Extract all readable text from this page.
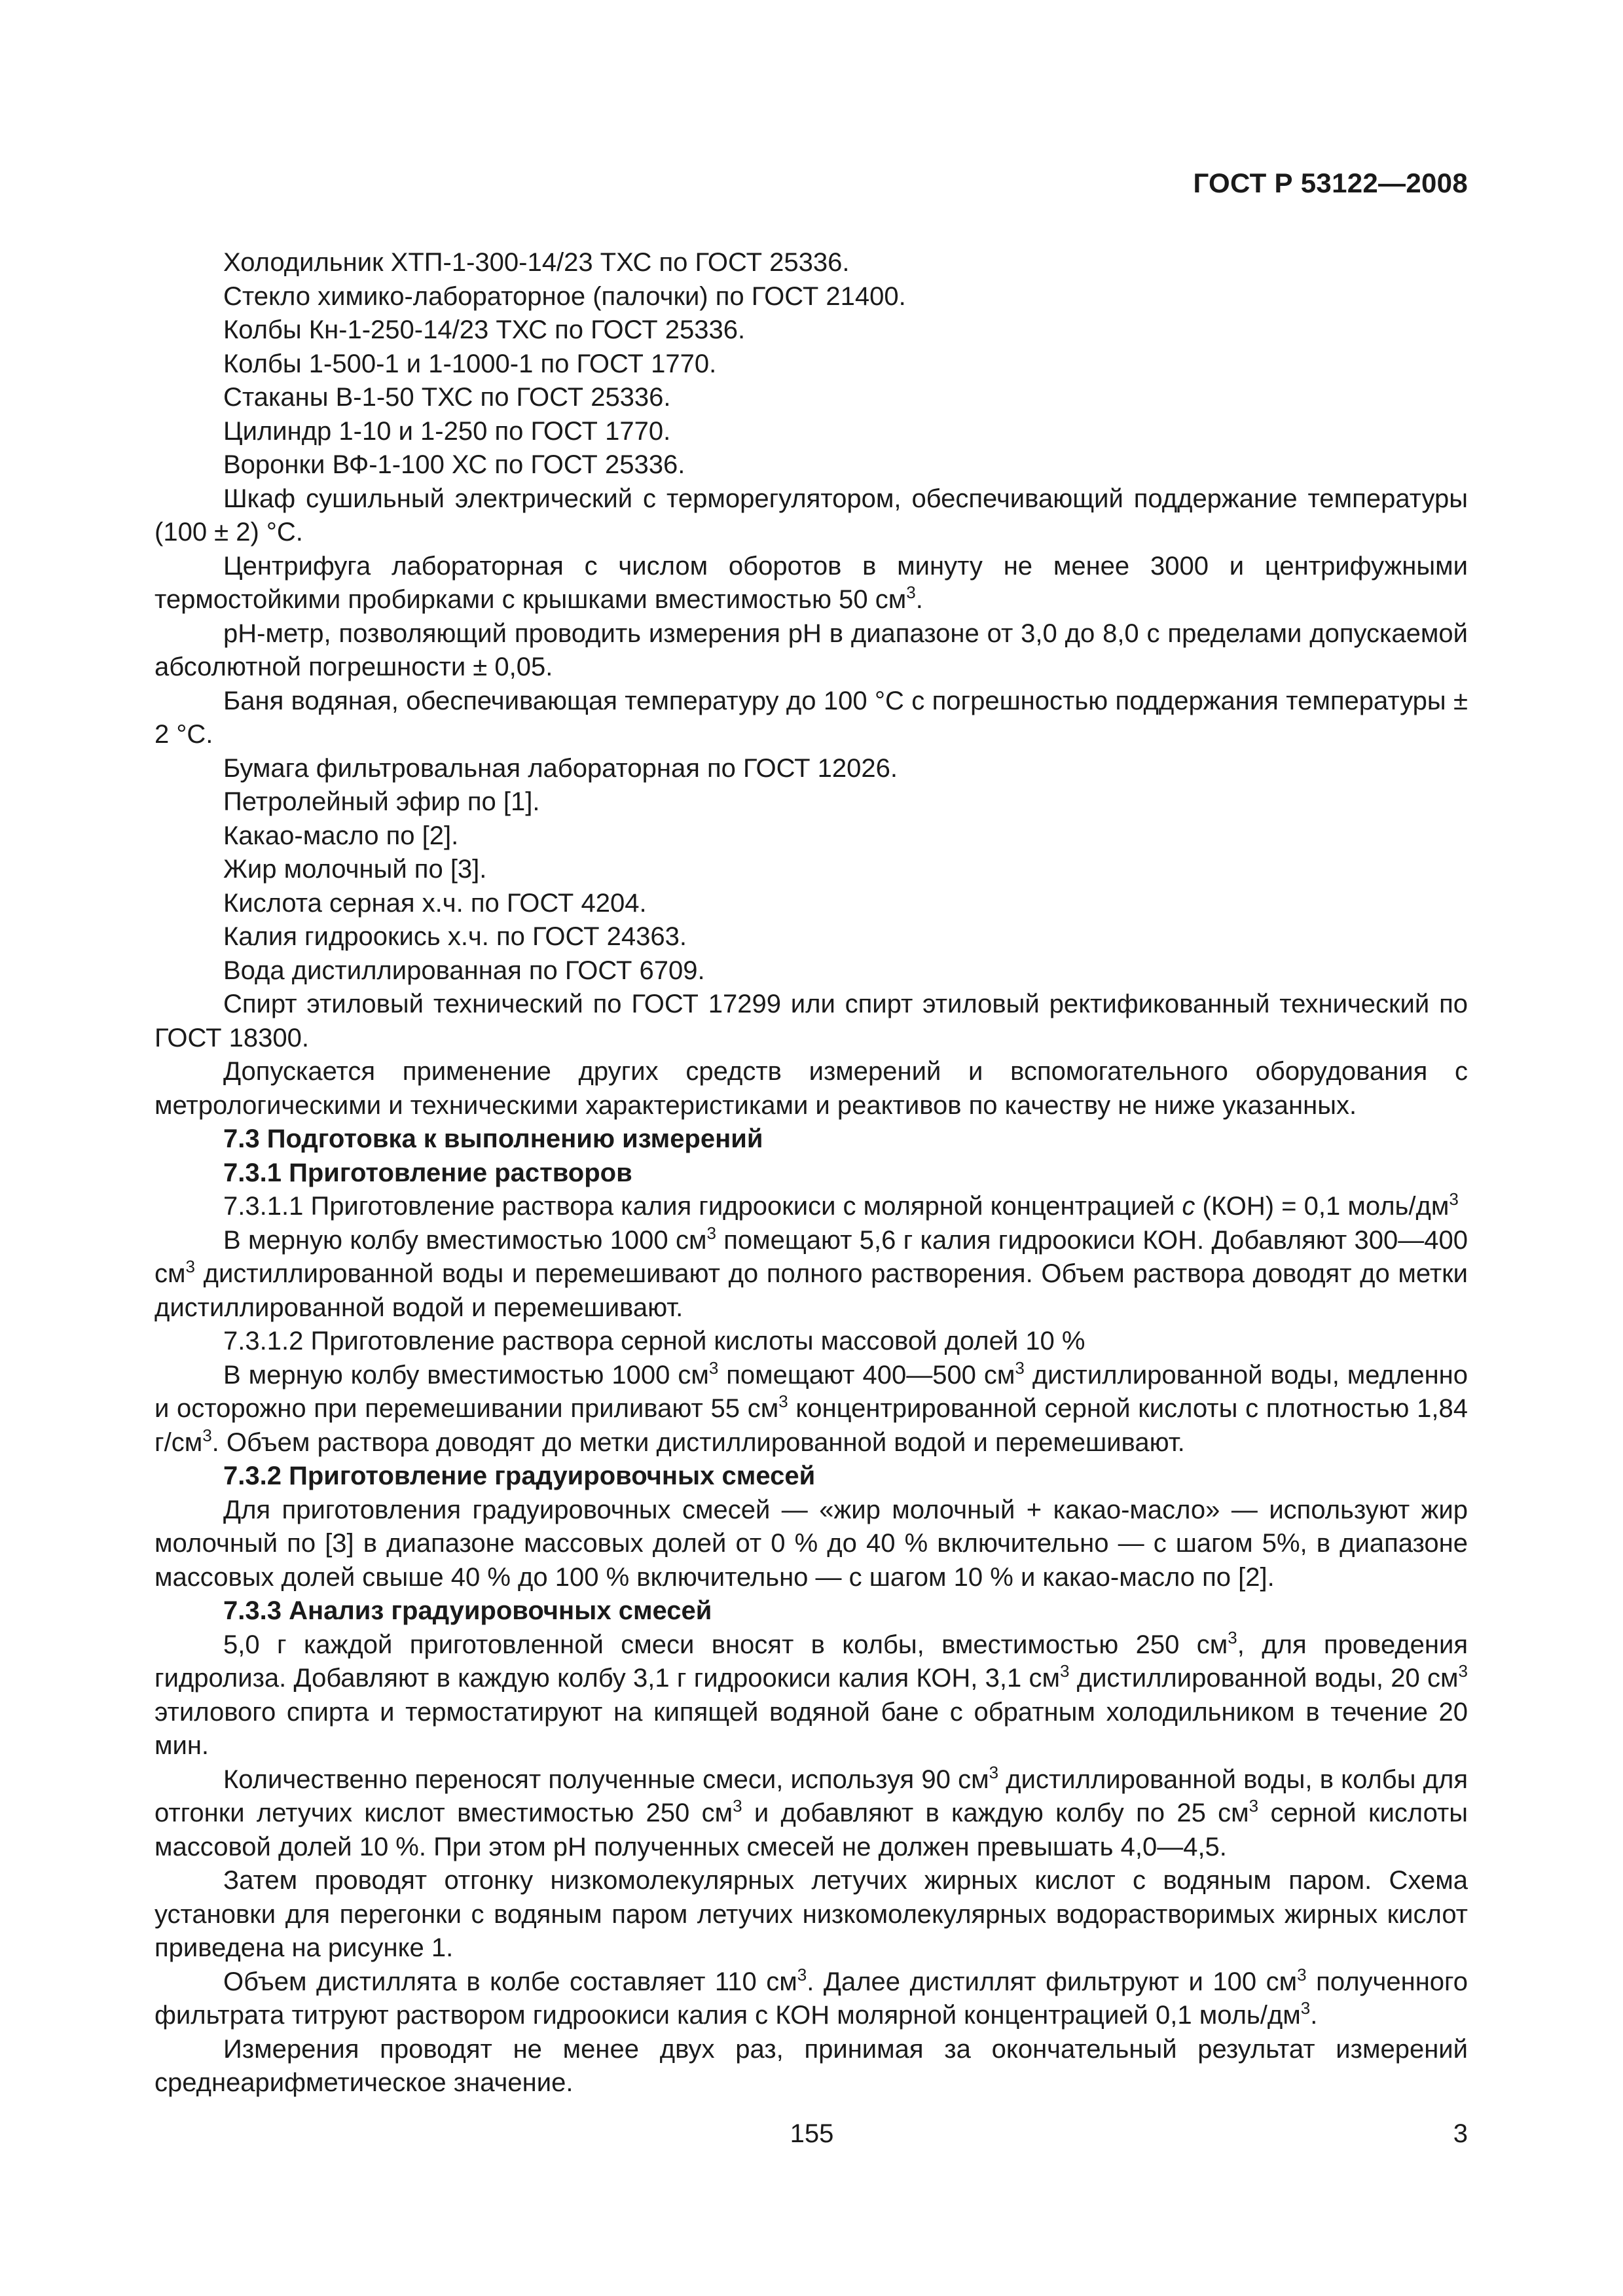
ГОСТ Р 53122—2008
Холодильник ХТП-1-300-14/23 ТХС по ГОСТ 25336.
Стекло химико-лабораторное (палочки) по ГОСТ 21400.
Колбы Кн-1-250-14/23 ТХС по ГОСТ 25336.
Колбы 1-500-1 и 1-1000-1 по ГОСТ 1770.
Стаканы В-1-50 ТХС по ГОСТ 25336.
Цилиндр 1-10 и 1-250 по ГОСТ 1770.
Воронки ВФ-1-100 ХС по ГОСТ 25336.

Шкаф сушильный электрический с терморегулятором, обеспечивающий поддержание температуры (100 ± 2) °С.

Центрифуга лабораторная с числом оборотов в минуту не менее 3000 и центрифужными термостойкими пробирками с крышками вместимостью 50 $см^3$.

рН-метр, позволяющий проводить измерения рН в диапазоне от 3,0 до 8,0 с пределами допускаемой абсолютной погрешности ± 0,05.

Баня водяная, обеспечивающая температуру до 100 °С с погрешностью поддержания температуры ± 2 °С.

Бумага фильтровальная лабораторная по ГОСТ 12026.
Петролейный эфир по [1].
Какао-масло по [2].
Жир молочный по [3].
Кислота серная х.ч. по ГОСТ 4204.
Калия гидроокись х.ч. по ГОСТ 24363.
Вода дистиллированная по ГОСТ 6709.

Спирт этиловый технический по ГОСТ 17299 или спирт этиловый ректификованный технический по ГОСТ 18300.

Допускается применение других средств измерений и вспомогательного оборудования с метрологическими и техническими характеристиками и реактивов по качеству не ниже указанных.

7.3 Подготовка к выполнению измерений

7.3.1 Приготовление растворов

7.3.1.1 Приготовление раствора калия гидроокиси с молярной концентрацией с (КОН) = 0,1 моль/$дм^3$

В мерную колбу вместимостью 1000 $см^3$ помещают 5,6 г калия гидроокиси КОН. Добавляют 300—400 $см^3$ дистиллированной воды и перемешивают до полного растворения. Объем раствора доводят до метки дистиллированной водой и перемешивают.

7.3.1.2 Приготовление раствора серной кислоты массовой долей 10 %

В мерную колбу вместимостью 1000 $см^3$ помещают 400—500 $см^3$ дистиллированной воды, медленно и осторожно при перемешивании приливают 55 $см^3$ концентрированной серной кислоты с плотностью 1,84 $г/см^3$. Объем раствора доводят до метки дистиллированной водой и перемешивают.

7.3.2 Приготовление градуировочных смесей

Для приготовления градуировочных смесей — «жир молочный + какао-масло» — используют жир молочный по [3] в диапазоне массовых долей от 0 % до 40 % включительно — с шагом 5%, в диапазоне массовых долей свыше 40 % до 100 % включительно — с шагом 10 % и какао-масло по [2].

7.3.3 Анализ градуировочных смесей

5,0 г каждой приготовленной смеси вносят в колбы, вместимостью 250 $см^3$, для проведения гидролиза. Добавляют в каждую колбу 3,1 г гидроокиси калия КОН, 3,1 $см^3$ дистиллированной воды, 20 $см^3$ этилового спирта и термостатируют на кипящей водяной бане с обратным холодильником в течение 20 мин.

Количественно переносят полученные смеси, используя 90 $см^3$ дистиллированной воды, в колбы для отгонки летучих кислот вместимостью 250 $см^3$ и добавляют в каждую колбу по 25 $см^3$ серной кислоты массовой долей 10 %. При этом рН полученных смесей не должен превышать 4,0—4,5.

Затем проводят отгонку низкомолекулярных летучих жирных кислот с водяным паром. Схема установки для перегонки с водяным паром летучих низкомолекулярных водорастворимых жирных кислот приведена на рисунке 1.

Объем дистиллята в колбе составляет 110 $см^3$. Далее дистиллят фильтруют и 100 $см^3$ полученного фильтрата титруют раствором гидроокиси калия с КОН молярной концентрацией 0,1 моль/$дм^3$.

Измерения проводят не менее двух раз, принимая за окончательный результат измерений среднеарифметическое значение.

155	3
